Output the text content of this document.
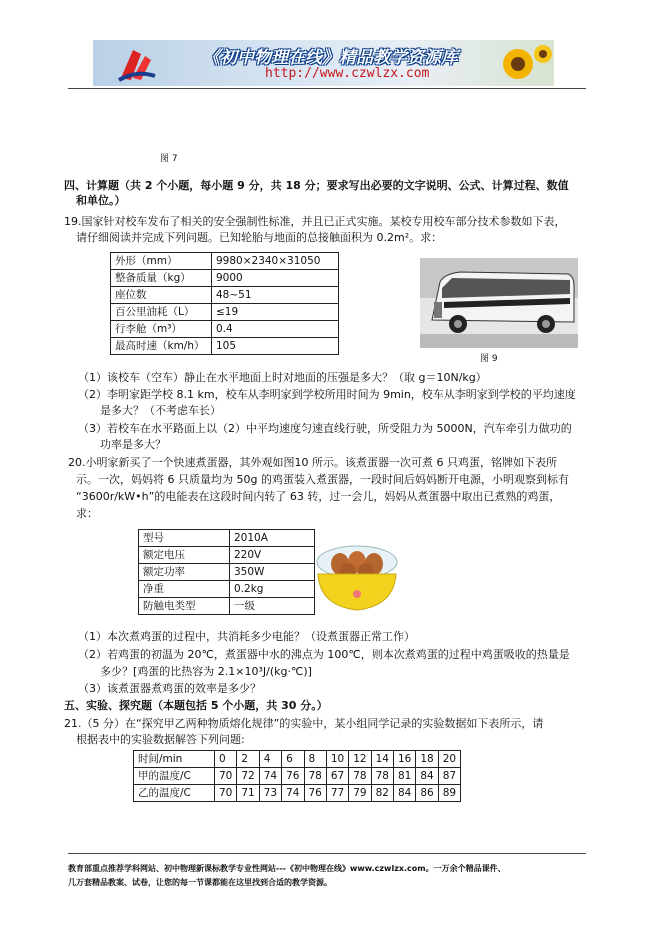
《初中物理在线》精品教学资源库
http://www.czwlzx.com
图 7
四、计算题（共 2 个小题，每小题 9 分，共 18 分；要求写出必要的文字说明、公式、计算过程、数值
和单位。）
19.国家针对校车发布了相关的安全强制性标准，并且已正式实施。某校专用校车部分技术参数如下表，
请仔细阅读并完成下列问题。已知轮胎与地面的总接触面积为 0.2m²。求：
外形（mm）	9980×2340×31050
整备质量（kg）	9000
座位数	48~51
百公里油耗（L）	≤19
行李舱（m³）	0.4
最高时速（km/h）	105
图 9
（1）该校车（空车）静止在水平地面上时对地面的压强是多大？（取 g＝10N/kg）
（2）李明家距学校 8.1 km，校车从李明家到学校所用时间为 9min，校车从李明家到学校的平均速度
是多大？（不考虑车长）
（3）若校车在水平路面上以（2）中平均速度匀速直线行驶，所受阻力为 5000N，汽车牵引力做功的
功率是多大？
20.小明家新买了一个快速煮蛋器，其外观如图10 所示。该煮蛋器一次可煮 6 只鸡蛋，铭牌如下表所
示。一次，妈妈将 6 只质量均为 50g 的鸡蛋装入煮蛋器，一段时间后妈妈断开电源，小明观察到标有
“3600r/kW•h”的电能表在这段时间内转了 63 转，过一会儿，妈妈从煮蛋器中取出已煮熟的鸡蛋，
求：
型号	2010A
额定电压	220V
额定功率	350W
净重	0.2kg
防触电类型	一级
（1）本次煮鸡蛋的过程中，共消耗多少电能？（设煮蛋器正常工作）
（2）若鸡蛋的初温为 20℃，煮蛋器中水的沸点为 100℃，则本次煮鸡蛋的过程中鸡蛋吸收的热量是
多少？[鸡蛋的比热容为 2.1×10³J/(kg·℃)]
（3）该煮蛋器煮鸡蛋的效率是多少？
五、实验、探究题（本题包括 5 个小题，共 30 分。）
21.（5 分）在“探究甲乙两种物质熔化规律”的实验中，某小组同学记录的实验数据如下表所示，请
根据表中的实验数据解答下列问题:
时间/min	0	2	4	6	8	10	12	14	16	18	20
甲的温度/C	70	72	74	76	78	67	78	78	81	84	87
乙的温度/C	70	71	73	74	76	77	79	82	84	86	89
教育部重点推荐学科网站、初中物理新课标教学专业性网站---《初中物理在线》www.czwlzx.com。一万余个精品课件、
几万套精品教案、试卷，让您的每一节课都能在这里找到合适的教学资源。
